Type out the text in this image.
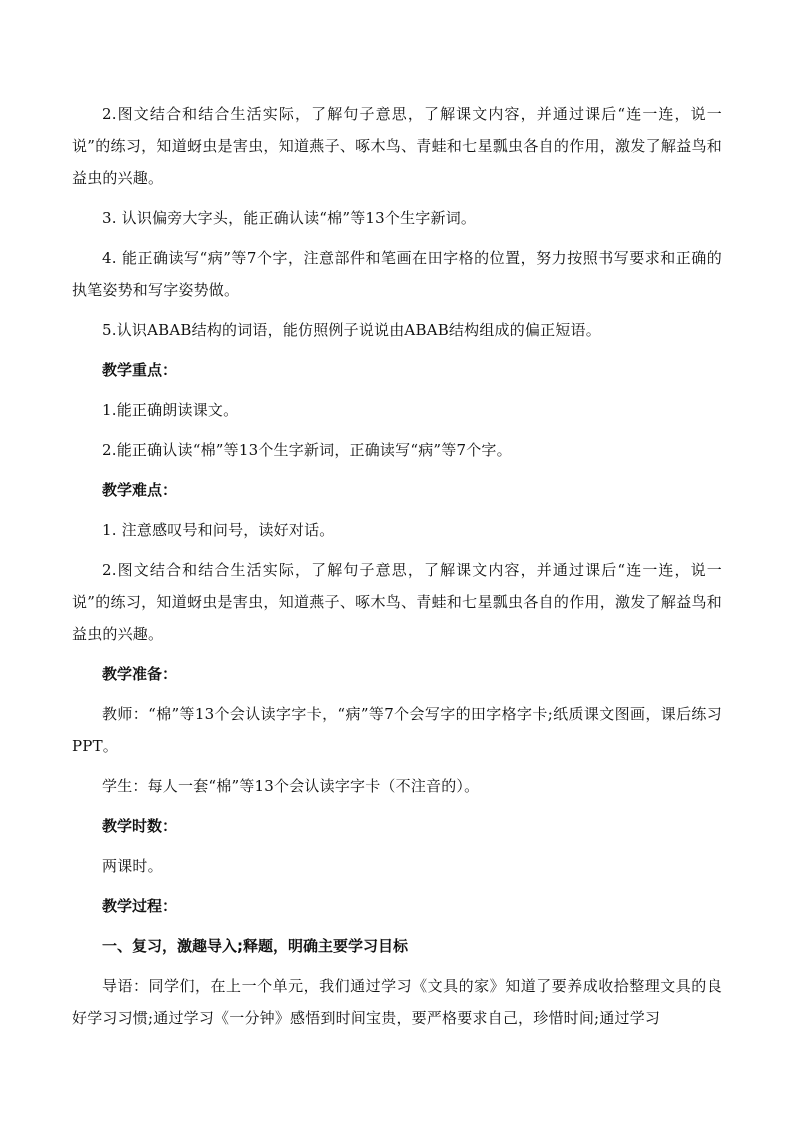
2.图文结合和结合生活实际，了解句子意思，了解课文内容，并通过课后“连一连，说一说”的练习，知道蚜虫是害虫，知道燕子、啄木鸟、青蛙和七星瓢虫各自的作用，激发了解益鸟和益虫的兴趣。

3. 认识偏旁大字头，能正确认读“棉”等13个生字新词。

4. 能正确读写“病”等7个字，注意部件和笔画在田字格的位置，努力按照书写要求和正确的执笔姿势和写字姿势做。

5.认识ABAB结构的词语，能仿照例子说说由ABAB结构组成的偏正短语。

教学重点：

1.能正确朗读课文。

2.能正确认读“棉”等13个生字新词，正确读写“病”等7个字。

教学难点：

1. 注意感叹号和问号，读好对话。

2.图文结合和结合生活实际，了解句子意思，了解课文内容，并通过课后“连一连，说一说”的练习，知道蚜虫是害虫，知道燕子、啄木鸟、青蛙和七星瓢虫各自的作用，激发了解益鸟和益虫的兴趣。

教学准备：

教师：“棉”等13个会认读字字卡，“病”等7个会写字的田字格字卡;纸质课文图画，课后练习PPT。

学生：每人一套“棉”等13个会认读字字卡（不注音的）。

教学时数：

两课时。

教学过程：

一、复习，激趣导入;释题，明确主要学习目标

导语：同学们，在上一个单元，我们通过学习《文具的家》知道了要养成收拾整理文具的良好学习习惯;通过学习《一分钟》感悟到时间宝贵，要严格要求自己，珍惜时间;通过学习
